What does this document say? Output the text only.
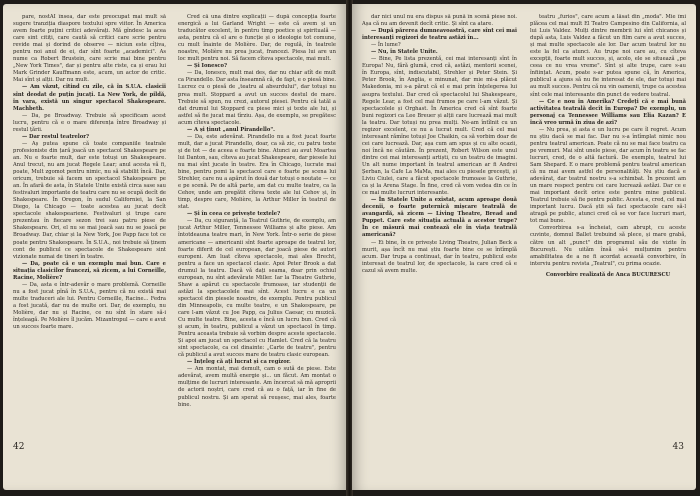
pare, nostAI însea, dar este preocupat mai mult să sugere tranziția diaspore textului spre viitor. În America avem foarte puțini critici adevărați. Mă gîndesc la acea care sint citiți, care caută să critici care scrie pentru revide mai și dorind de observe — niciun este cîțiva, pentru noi anul de ei, dar sînt foarte „academici". As nume ca Robert Brustein, care scrie mai bine pentru „New York Times", dar și pentru alte riste, ca și erau lui Mark Grinder Kauffmann este, acum, un actor de critic. Mai sînt și alții. Dar nu mult.

— Am văzut, citind cu zile, că în S.U.A. clasicii sînt deodat de puțin jucați. La New York, de pildă, în vara, există un singur spectacol Shakespeare. Machbeth.

— Da, pe Broadway. Trebuie să specificam acest lucru, pentru că e o mare diferența între Broadway și restul țării.

— Dar restul teatrelor?

— Aș putea spune că toate companiile teatrale profesioniste din țară joacă un spectacol Shakespeare pe an. Nu e foarte mult, dar este totuși un Shakespeare. Anul trecut, nu am jucat Regele Lear; anul acesta vă fi, poate, Mult zgomot pentru nimic, nu să stabilit încă. Dar, oricum, trebuie să facem un spectacol Shakespeare pe an. În afară de asta, în Statele Unite există circa sase sau festivaluri importante de teatru care nu se ocupă decît de Shakespeare. În Oregon, în sudul Californiei, la San Diego, la Chicago — toate acestea au jucat decît spectacole shakespeariene. Festivaluri și trupe care prezentau în fiecare sezon trei sau patru piese de Shakespeare. Ori, el nu se mai joacă sau nu se joacă pe Broadway. Dar, chiar și la New York, Joe Papp face tot ce poate pentru Shakespeare. În S.U.A., noi trebuie să ținem cont de publicul ce spectacole de Shakespeare sint vizionate numai de tineri în teatre.

— Da, poate că e un exemplu mai bun. Care e situația clasicilor francezi, să zicem, a lui Corneille, Racine, Molière?

— Da, asta e într-adevăr o mare problemă. Corneille nu a fost jucat pînă în S.U.A., pentru că nu există mai multe traduceri ale lui. Pentru Corneille, Racine... Fedra a fost jucată, dar nu de multe ori. Dar, de exemplu, nu Molière, dar nu și Racine, ce nu sînt în stare să-i înțeleagă. Pe Molière îl jucăm. Mizantropul — care e avut un succes foarte mare.

Cred că una dintre explicații — după concepția foarte energică a lui Garland Wright — este că avem și un traducător excelent, în pentru timp poetice și spirituală — asta, pentru că el are o funcție și o ideologie tot comune, cu mult înainte de Molière. Dar, de regulă, în teatrele noastre, Molière nu prea jucat, francezi. Piesa lui are un loc mult pentru noi. Să facem cîteva spectacole, mai mult.

— Și Ionesco?

— Da, Ionesco, mult mai des, dar nu chiar atît de mult ca Pirandello. Dar asta înseamnă că, de fapt, e o piesă bine. Lucrez cu o piesă de „teatru al absurdului", dar totuși nu prea mult. Stoppard a avut un succes destul de mare. Trebuie să spun, nu crezi, autorul piesei. Pentru că tatăl a dat drumul lui Stoppard cu piese mici și texte ale lui, și astfel să fie jucat mai tîrziu. Așa, de exemplu, se pregătesc acum cîteva spectacole.

— A și ținut „anul Pirandello".

— Da, este adevărat. Pirandello nu a fost jucat foarte mult, dar a jucat Pirandello, doar, ca să zic, cu patru texte și de tot — de aceea e foarte bine. Atunci au avut Moartea lui Danton, sau, cîteva au jucat Shakespeare, dar piesele lui nu mai sînt jucate în teatre. Era în Chicago, lucrate mai bine, pentru pomi la spectacol care e foarte pe scena lui Strehler, care nu a apărut în două dar totuși o noutate — ce e pe scenă. Pe de altă parte, am dat cu multe teatre, ca la Cehov, unde am pregătit cîteva texte ale lui Cehov și, în timp, despre care, Molière, la Arthur Miller în teatrul de stat.

— Și în ceea ce privește textele?

— Da, cu siguranță, la Teatrul Guthrie, de exemplu, am jucat Arthur Miller, Tennessee Williams și alte piese. Am întotdeauna teatre mari, în New York. Într-o serie de piese americane — americanii sînt foarte aproape de teatrul lor, foarte diferit de cel european, dar joacă piese de autori europeni. Am luat cîteva spectacole, mai ales Brecht, pentru a face un spectacol clasic. Apoi Peter Brook a dat drumul la teatru. Dacă vă dați seama, doar prin ochiul european, nu sînt adevărate Miller. Iar la Theatre Guthrie, Shaw a apărut cu spectacole frumoase, iar studenții de astăzi la spectacolele mai sînt. Acest lucru e ca un spectacol din piesele noastre, de exemplu. Pentru publicul din Minneapolis, cu multe teatre, e un Shakespeare, pe care l-am văzut cu Joe Papp, ca Julius Caesar, cu muzică. Cu multe teatre. Bine, acesta e încă un lucru bun. Cred că și acum, în teatru, publicul a văzut un spectacol în timp. Pentru aceasta trebuie să vorbim despre aceste spectacole. Și apoi am jucat un spectacol cu Hamlet. Cred că la teatru sint spectacole, ca cel dinainte: „Carte de teatru", pentru că publicul a avut succes mare de teatru clasic european.

— Înțeleg că ați lucrat și ca regizor.

— Am montat, mai demult, cam o sută de piese. Este adevărat, avem multă energie și... un făcut. Am montat o mulțime de lucruri interesante. Am încercat să mă aproprii de actorii noștri, care cred că au o față, iar în fine de publicul nostru. Și am sperat să reușesc, mai ales, foarte bine.

42

dar nici unul nu era dispus să pună în scenă piese noi. Așa că nu am devenit decît critic. Și sînt ca atare.

— După părerea dumneavoastră, care sînt cei mai interesanți regizori de teatru astăzi în...

— În lume?

— Nu, în Statele Unite.

— Bine, Pe lista prezentă, cei mai interesanți sînt în Europa! Nu, fără glumă, cred că, astăzi, mentorii scenei, în Europa, sînt, indiscutabil, Strehler și Peter Stein. Și Peter Brook, în Anglia, e minunat, dar mie mi-a plăcut Makedonia, mi s-a părut că el e mai prin înțelegerea lui asupra textului. Dar cred că spectacolul lui Shakespeare, Regele Lear, a fost cel mai frumos pe care l-am văzut. Și spectacolele și Orghast. În America cred că sînt foarte buni regizori ca Lee Breuer și alții care lucrează mai mult la teatru. Dar totuși nu prea mulți. Ne-am întîlnit cu un regizor excelent, ce nu a lucrat mult. Cred că cel mai interesant rămîne totuși Joe Chaikin, ca să vorbim doar de cei care lucrează. Dar, așa cum am spus și cu alte ocazii, noi încă ne căutăm. În prezent, Robert Wilson este unul dintre cei mai interesanți artiști, cu un teatru de imagini. Un alt nume important în teatrul american ar fi Andrei Șerban, la Cafe La MaMa, mai ales cu piesele grecești, și Liviu Ciulei, care a făcut spectacole frumoase la Guthrie, ca și la Arena Stage. În fine, cred că vom vedea din ce în ce mai multe lucruri interesante.

— În Statele Unite a existat, acum aproape două decenii, o foarte puternică mișcare teatrală de avangardă, să zicem — Living Theatre, Bread and Puppet. Care este situația actuală a acestor trupe? În ce măsură mai contează ele în viața teatrală americană?

— Ei bine, în ce privește Living Theatre, Julian Beck a murit, așa încît nu mai știu foarte bine ce se întîmplă acum. Dar trupa a continuat, dar în teatru, publicul este interesat de teatrul lor, de spectacole, la care cred că e cazul să avem multe.

teatru „furios", care acum a lăsat din „moda". Mie îmi plăcea cel mai mult El Teatro Campesino din California, al lui Luis Valdez. Mulți dintre membrii lui sînt chicanos și după asta, Luis Valdez a făcut un film care a avut succes, și mai multe spectacole ale lor. Dar acum teatrul lor nu este la fel ca atunci. Au trupe noi care au, cu cîteva excepții, foarte mult succes, și, acolo, ele se situează „pe ceea ce nu vrea vreme". Sînt și alte trupe, care s-au înființat. Acum, poate s-ar putea spune că, în America, publicul a ajuns să nu fie interesat de ele, dar totuși mai au mult succes. Pentru că nu vin oamenii, trupe ca acestea sînt cele mai interesante din punct de vedere teatral.

— Ce e nou în Amerika? Credeți că e mai bună activitatea teatrală decît în Europa? De exemplu, un personaj ca Tennessee Williams sau Elia Kazan? E încă vreo urmă în ziua de azi?

— Nu prea, și asta e un lucru pe care îl regret. Acum nu știu dacă se mai fac. Dar nu s-a întîmplat nimic nou pentru teatrul american. Poate că nu se mai face teatru ca pe vremuri. Mai sînt unele piese, dar acum în teatru se fac lucruri, cred, de o altă factură. De exemplu, teatrul lui Sam Shepard. E o mare problemă pentru teatrul american că nu mai avem astfel de personalități. Nu știu dacă e adevărat, dar teatrul nostru s-a schimbat. În prezent am un mare respect pentru cei care lucrează astăzi. Dar ce e mai important decît orice este pentru mine publicul. Teatrul trebuie să fie pentru public. Acesta e, cred, cel mai important lucru. Dacă știi să faci spectacole care să-l atragă pe public, atunci cred că se vor face lucruri mari, tot mai bune.

Convorbirea s-a încheiat, cam abrupt, cu aceste cuvinte, domnul Ballet trebuind să plece, și mare grabă, către un alt „punct" din programul său de vizite în București. Nu uităm însă să-i mulțumim pentru amabilitatea de a ne fi acordat această convorbire, în interviu pentru revista „Teatrul", cu prima ocazie.

Convorbire realizată de Anca BUCURESCU

43
